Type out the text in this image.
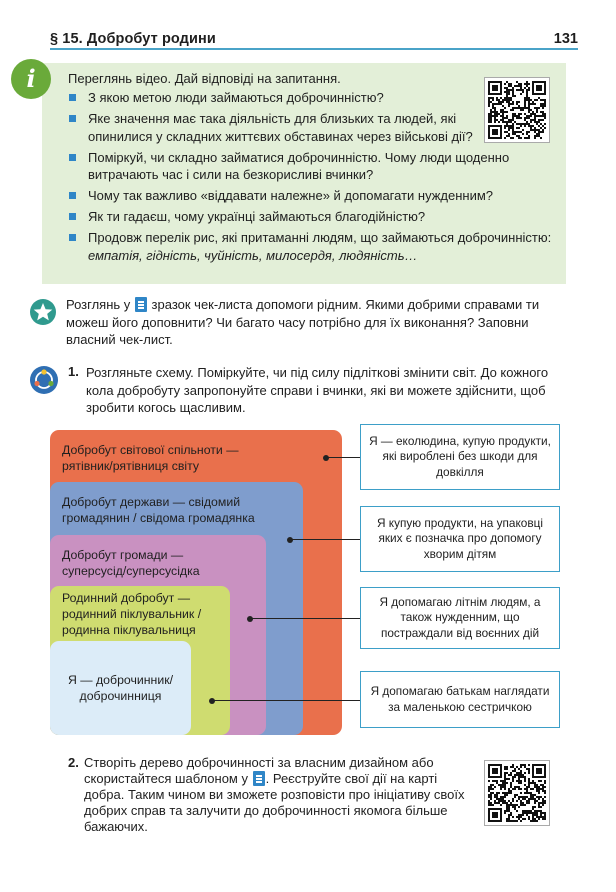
§ 15. Добробут родини	131
i	Переглянь відео. Дай відповіді на запитання.
З якою метою люди займаються доброчинністю?
Яке значення має така діяльність для близьких та людей, які опинилися у складних життєвих обставинах через військові дії?
Поміркуй, чи складно займатися доброчинністю. Чому люди щоденно витрачають час і сили на безкорисливі вчинки?
Чому так важливо «віддавати належне» й допомагати нужденним?
Як ти гадаєш, чому українці займаються благодійністю?
Продовж перелік рис, які притаманні людям, що займаються доброчинністю: емпатія, гідність, чуйність, милосердя, людяність…
Розглянь у зразок чек-листа допомоги рідним. Якими добрими справами ти можеш його доповнити? Чи багато часу потрібно для їх виконання? Заповни власний чек-лист.
1. Розгляньте схему. Поміркуйте, чи під силу підліткові змінити світ. До кожного кола добробуту запропонуйте справи і вчинки, які ви можете здійснити, щоб зробити когось щасливим.
Добробут світової спільноти — рятівник/рятівниця світу
Добробут держави — свідомий громадянин / свідома громадянка
Добробут громади — суперсусід/суперсусідка
Родинний добробут — родинний піклувальник / родинна піклувальниця
Я — доброчинник/ доброчинниця
Я — еколюдина, купую продукти, які вироблені без шкоди для довкілля
Я купую продукти, на упаковці яких є позначка про допомогу хворим дітям
Я допомагаю літнім людям, а також нужденним, що постраждали від воєнних дій
Я допомагаю батькам наглядати за маленькою сестричкою
2. Створіть дерево доброчинності за власним дизайном або скористайтеся шаблоном у . Реєструйте свої дії на карті добра. Таким чином ви зможете розповісти про ініціативу своїх добрих справ та залучити до доброчинності якомога більше бажаючих.
